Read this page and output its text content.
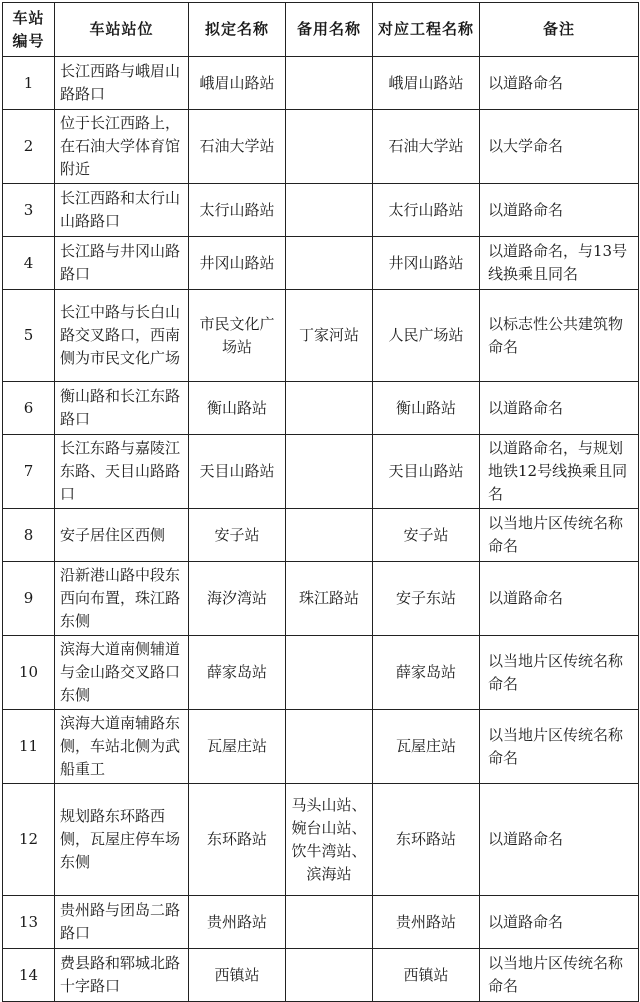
车站编号	车站站位	拟定名称	备用名称	对应工程名称	备注
1	长江西路与峨眉山路路口	峨眉山路站		峨眉山路站	以道路命名
2	位于长江西路上，在石油大学体育馆附近	石油大学站		石油大学站	以大学命名
3	长江西路和太行山山路路口	太行山路站		太行山路站	以道路命名
4	长江路与井冈山路路口	井冈山路站		井冈山路站	以道路命名，与13号线换乘且同名
5	长江中路与长白山路交叉路口，西南侧为市民文化广场	市民文化广场站	丁家河站	人民广场站	以标志性公共建筑物命名
6	衡山路和长江东路路口	衡山路站		衡山路站	以道路命名
7	长江东路与嘉陵江东路、天目山路路口	天目山路站		天目山路站	以道路命名，与规划地铁12号线换乘且同名
8	安子居住区西侧	安子站		安子站	以当地片区传统名称命名
9	沿新港山路中段东西向布置，珠江路东侧	海汐湾站	珠江路站	安子东站	以道路命名
10	滨海大道南侧辅道与金山路交叉路口东侧	薛家岛站		薛家岛站	以当地片区传统名称命名
11	滨海大道南辅路东侧，车站北侧为武船重工	瓦屋庄站		瓦屋庄站	以当地片区传统名称命名
12	规划路东环路西侧，瓦屋庄停车场东侧	东环路站	马头山站、婉台山站、饮牛湾站、滨海站	东环路站	以道路命名
13	贵州路与团岛二路路口	贵州路站		贵州路站	以道路命名
14	费县路和郓城北路十字路口	西镇站		西镇站	以当地片区传统名称命名
